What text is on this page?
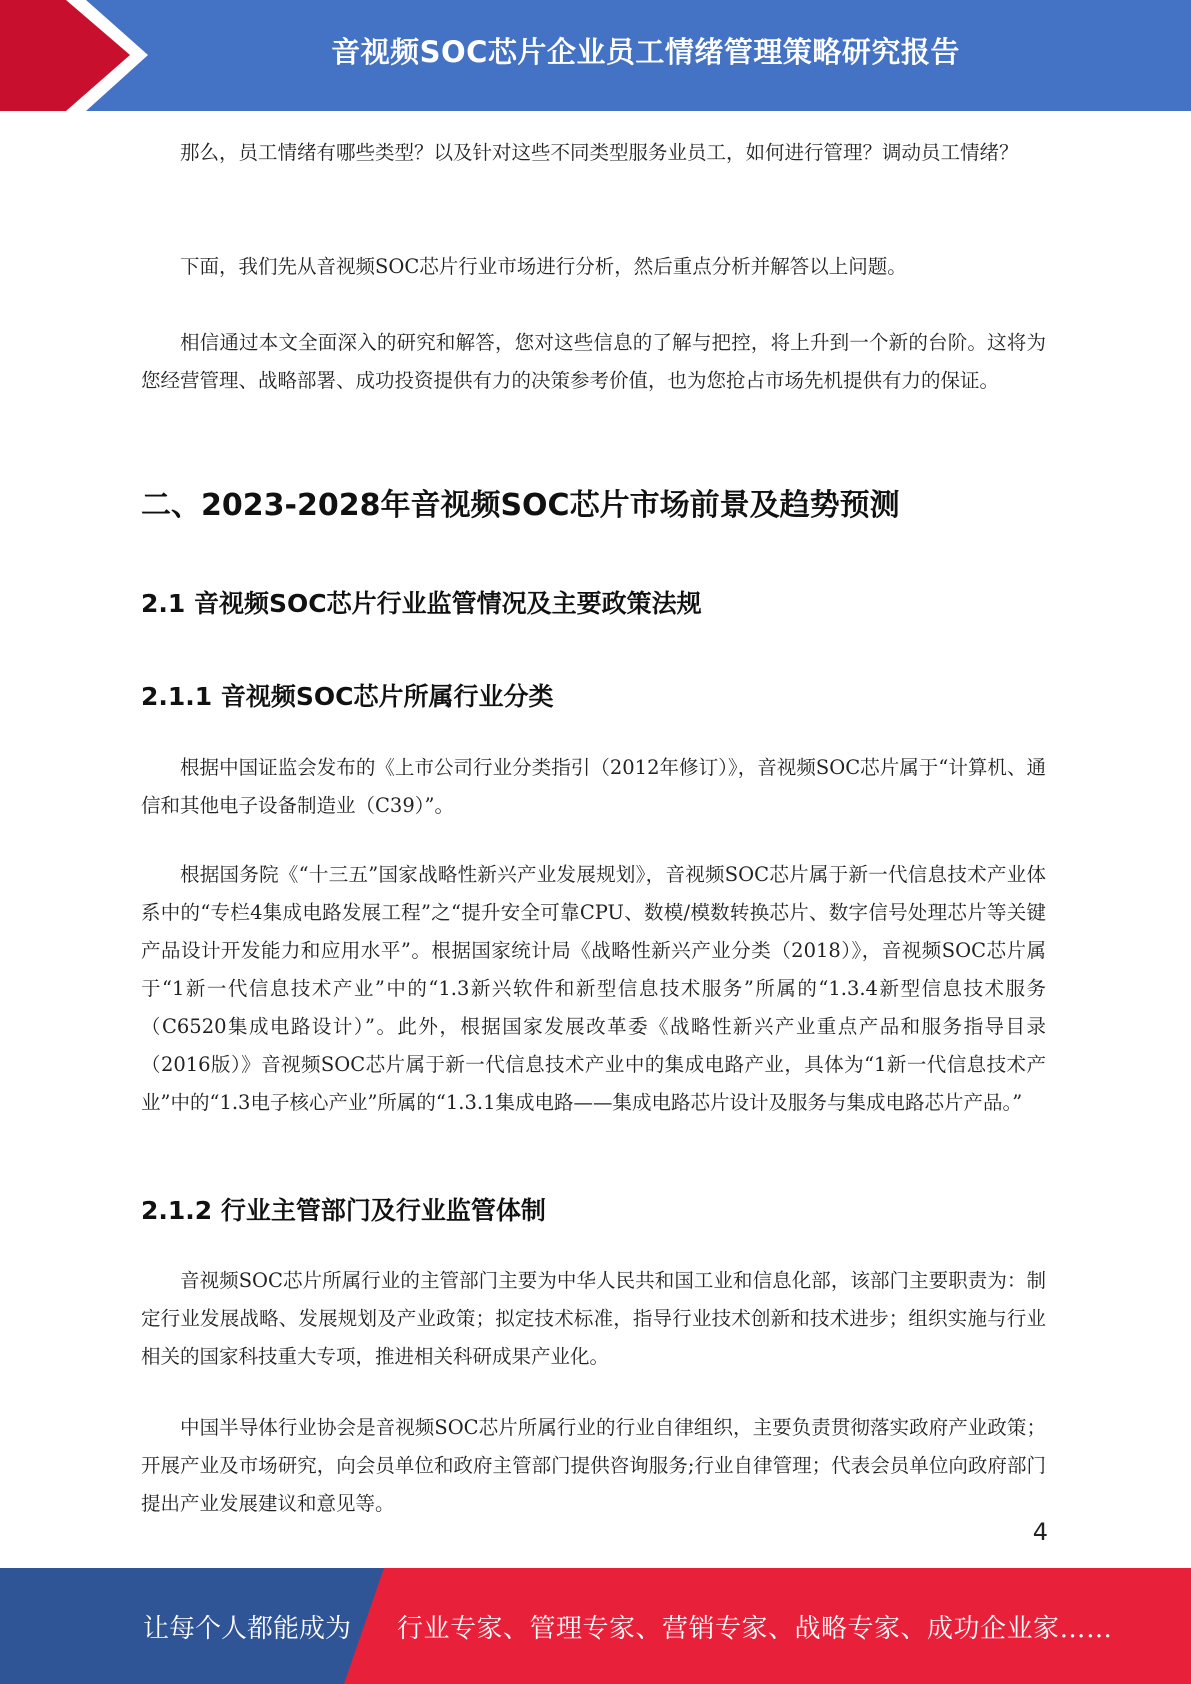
音视频SOC芯片企业员工情绪管理策略研究报告

那么，员工情绪有哪些类型？以及针对这些不同类型服务业员工，如何进行管理？调动员工情绪？

下面，我们先从音视频SOC芯片行业市场进行分析，然后重点分析并解答以上问题。

相信通过本文全面深入的研究和解答，您对这些信息的了解与把控，将上升到一个新的台阶。这将为您经营管理、战略部署、成功投资提供有力的决策参考价值，也为您抢占市场先机提供有力的保证。

二、2023-2028年音视频SOC芯片市场前景及趋势预测
2.1 音视频SOC芯片行业监管情况及主要政策法规
2.1.1 音视频SOC芯片所属行业分类

根据中国证监会发布的《上市公司行业分类指引（2012年修订）》，音视频SOC芯片属于“计算机、通信和其他电子设备制造业（C39）”。

根据国务院《“十三五”国家战略性新兴产业发展规划》，音视频SOC芯片属于新一代信息技术产业体系中的“专栏4集成电路发展工程”之“提升安全可靠CPU、数模/模数转换芯片、数字信号处理芯片等关键产品设计开发能力和应用水平”。根据国家统计局《战略性新兴产业分类（2018）》，音视频SOC芯片属于“1新一代信息技术产业”中的“1.3新兴软件和新型信息技术服务”所属的“1.3.4新型信息技术服务（C6520集成电路设计）”。此外，根据国家发展改革委《战略性新兴产业重点产品和服务指导目录（2016版）》音视频SOC芯片属于新一代信息技术产业中的集成电路产业，具体为“1新一代信息技术产业”中的“1.3电子核心产业”所属的“1.3.1集成电路——集成电路芯片设计及服务与集成电路芯片产品。”

2.1.2 行业主管部门及行业监管体制

音视频SOC芯片所属行业的主管部门主要为中华人民共和国工业和信息化部，该部门主要职责为：制定行业发展战略、发展规划及产业政策；拟定技术标准，指导行业技术创新和技术进步；组织实施与行业相关的国家科技重大专项，推进相关科研成果产业化。

中国半导体行业协会是音视频SOC芯片所属行业的行业自律组织，主要负责贯彻落实政府产业政策；开展产业及市场研究，向会员单位和政府主管部门提供咨询服务;行业自律管理；代表会员单位向政府部门提出产业发展建议和意见等。

4
让每个人都能成为 行业专家、管理专家、营销专家、战略专家、成功企业家……
